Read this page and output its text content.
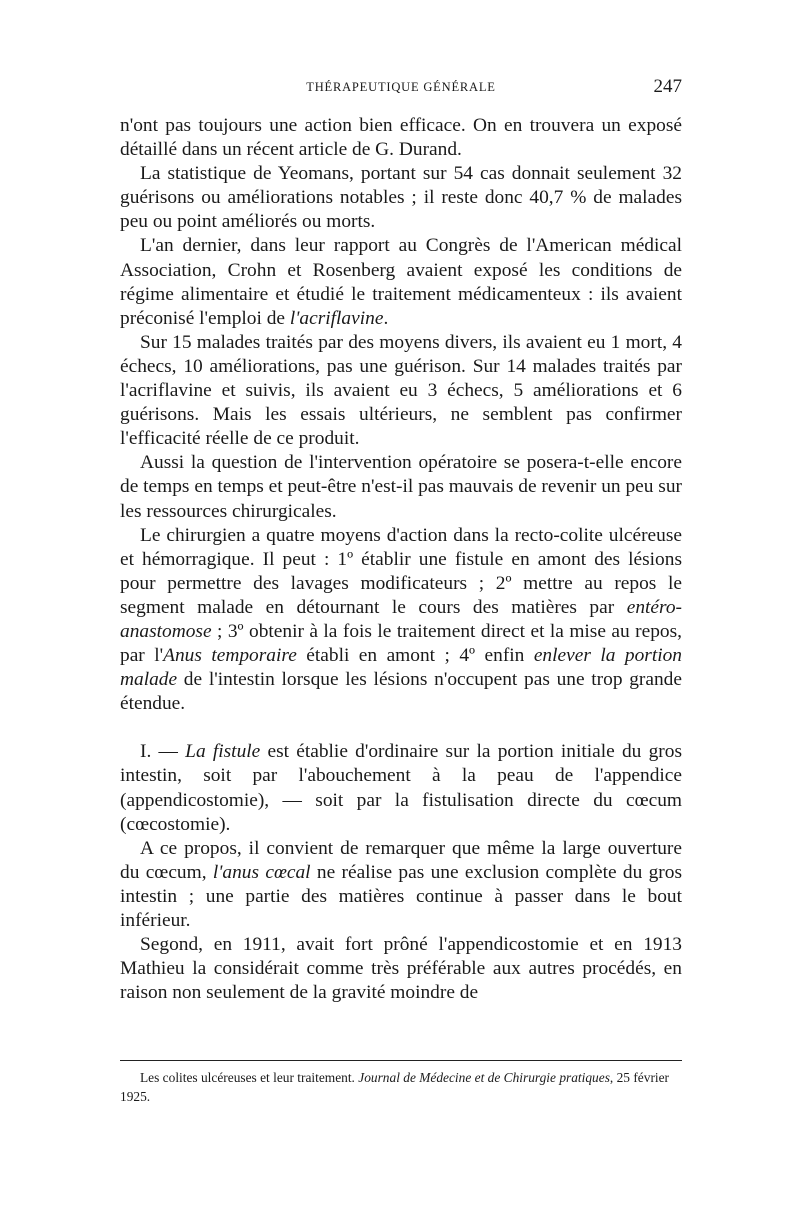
THÉRAPEUTIQUE GÉNÉRALE	247

n'ont pas toujours une action bien efficace. On en trouvera un exposé détaillé dans un récent article de G. Durand.

La statistique de Yeomans, portant sur 54 cas donnait seulement 32 guérisons ou améliorations notables ; il reste donc 40,7 % de malades peu ou point améliorés ou morts.

L'an dernier, dans leur rapport au Congrès de l'American médical Association, Crohn et Rosenberg avaient exposé les conditions de régime alimentaire et étudié le traitement médicamenteux : ils avaient préconisé l'emploi de l'acriflavine.

Sur 15 malades traités par des moyens divers, ils avaient eu 1 mort, 4 échecs, 10 améliorations, pas une guérison. Sur 14 malades traités par l'acriflavine et suivis, ils avaient eu 3 échecs, 5 améliorations et 6 guérisons. Mais les essais ultérieurs, ne semblent pas confirmer l'efficacité réelle de ce produit.

Aussi la question de l'intervention opératoire se posera-t-elle encore de temps en temps et peut-être n'est-il pas mauvais de revenir un peu sur les ressources chirurgicales.

Le chirurgien a quatre moyens d'action dans la recto-colite ulcéreuse et hémorragique. Il peut : 1º établir une fistule en amont des lésions pour permettre des lavages modificateurs ; 2º mettre au repos le segment malade en détournant le cours des matières par entéro-anastomose ; 3º obtenir à la fois le traitement direct et la mise au repos, par l'Anus temporaire établi en amont ; 4º enfin enlever la portion malade de l'intestin lorsque les lésions n'occupent pas une trop grande étendue.

I. — La fistule est établie d'ordinaire sur la portion initiale du gros intestin, soit par l'abouchement à la peau de l'appendice (appendicostomie), — soit par la fistulisation directe du cœcum (cœcostomie).

A ce propos, il convient de remarquer que même la large ouverture du cœcum, l'anus cœcal ne réalise pas une exclusion complète du gros intestin ; une partie des matières continue à passer dans le bout inférieur.

Segond, en 1911, avait fort prôné l'appendicostomie et en 1913 Mathieu la considérait comme très préférable aux autres procédés, en raison non seulement de la gravité moindre de

Les colites ulcéreuses et leur traitement. Journal de Médecine et de Chirurgie pratiques, 25 février 1925.
